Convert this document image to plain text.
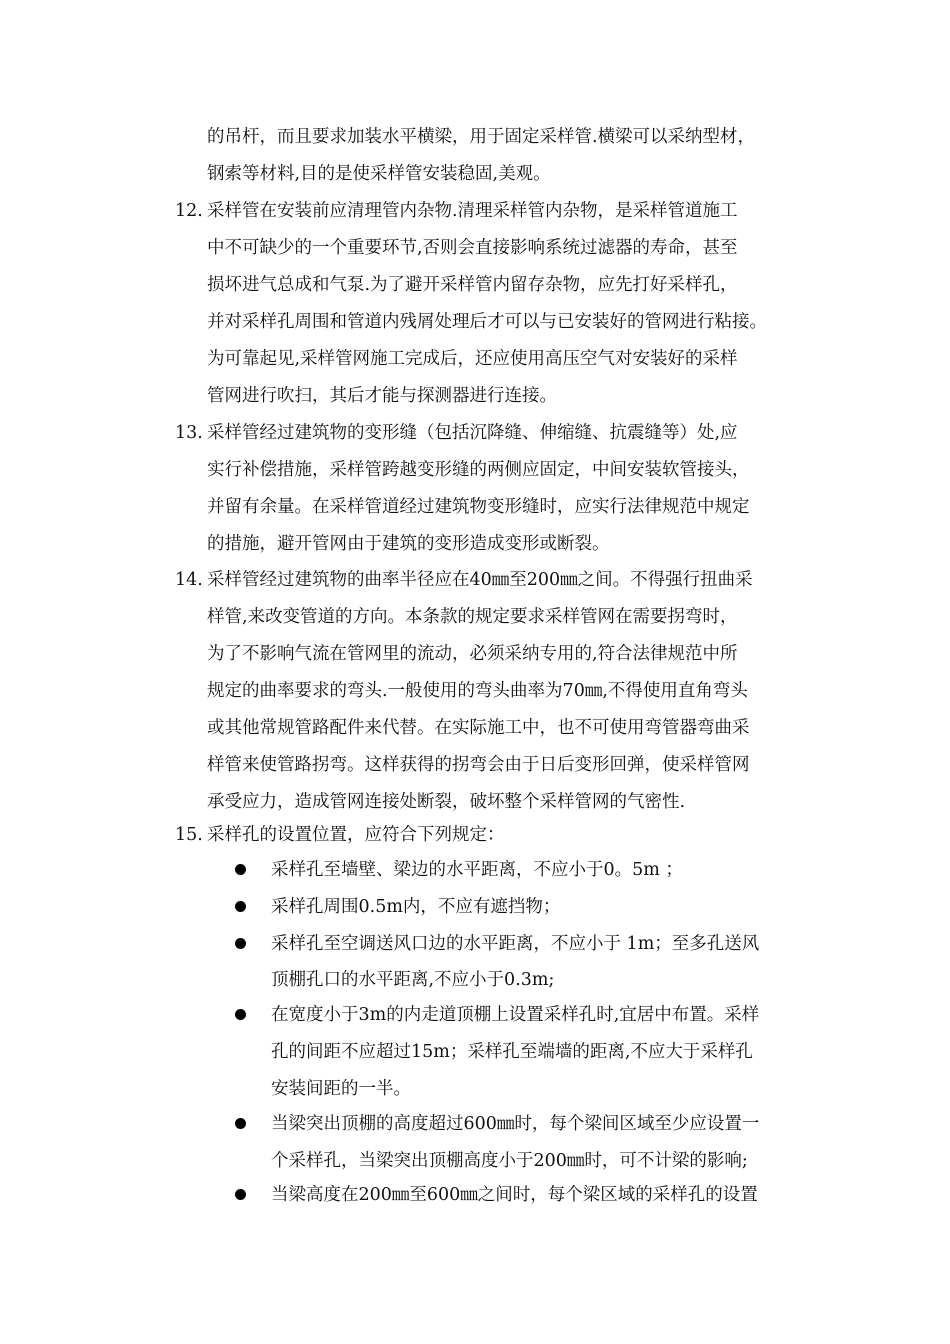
的吊杆，而且要求加装水平横梁，用于固定采样管.横梁可以采纳型材，
钢索等材料,目的是使采样管安装稳固,美观。
12. 采样管在安装前应清理管内杂物.清理采样管内杂物，是采样管道施工
中不可缺少的一个重要环节,否则会直接影响系统过滤器的寿命，甚至
损坏进气总成和气泵.为了避开采样管内留存杂物，应先打好采样孔，
并对采样孔周围和管道内残屑处理后才可以与已安装好的管网进行粘接。
为可靠起见,采样管网施工完成后，还应使用高压空气对安装好的采样
管网进行吹扫，其后才能与探测器进行连接。
13. 采样管经过建筑物的变形缝（包括沉降缝、伸缩缝、抗震缝等）处,应
实行补偿措施，采样管跨越变形缝的两侧应固定，中间安装软管接头，
并留有余量。在采样管道经过建筑物变形缝时，应实行法律规范中规定
的措施，避开管网由于建筑的变形造成变形或断裂。
14. 采样管经过建筑物的曲率半径应在40㎜至200㎜之间。不得强行扭曲采
样管,来改变管道的方向。本条款的规定要求采样管网在需要拐弯时，
为了不影响气流在管网里的流动，必须采纳专用的,符合法律规范中所
规定的曲率要求的弯头.一般使用的弯头曲率为70㎜,不得使用直角弯头
或其他常规管路配件来代替。在实际施工中，也不可使用弯管器弯曲采
样管来使管路拐弯。这样获得的拐弯会由于日后变形回弹，使采样管网
承受应力，造成管网连接处断裂，破坏整个采样管网的气密性.
15. 采样孔的设置位置，应符合下列规定：
采样孔至墙壁、梁边的水平距离，不应小于0。5m ；
采样孔周围0.5m内，不应有遮挡物；
采样孔至空调送风口边的水平距离，不应小于 1m；至多孔送风
顶棚孔口的水平距离,不应小于0.3m;
在宽度小于3m的内走道顶棚上设置采样孔时,宜居中布置。采样
孔的间距不应超过15m；采样孔至端墙的距离,不应大于采样孔
安装间距的一半。
当梁突出顶棚的高度超过600㎜时，每个梁间区域至少应设置一
个采样孔，当梁突出顶棚高度小于200㎜时，可不计梁的影响;
当梁高度在200㎜至600㎜之间时，每个梁区域的采样孔的设置
